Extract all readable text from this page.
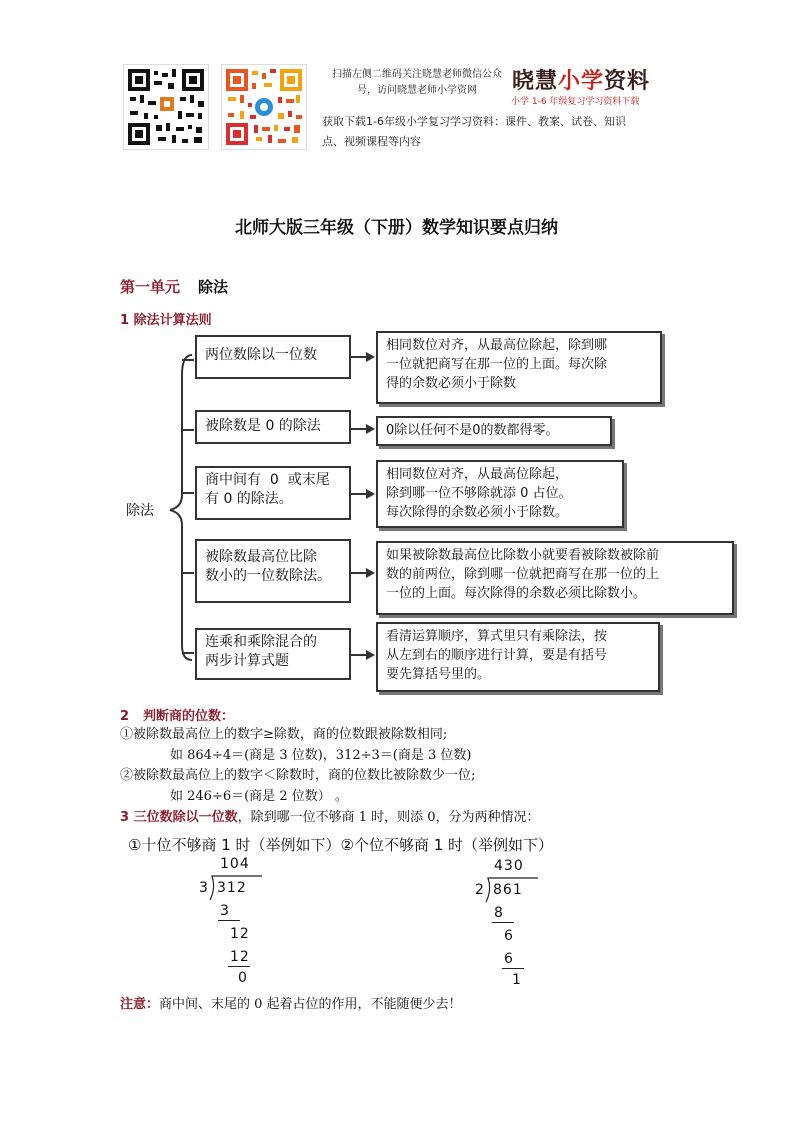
扫描左侧二维码关注晓慧老师微信公众
号，访问晓慧老师小学资网	晓慧小学资料
小学 1-6 年级复习学习资料下载
获取下载1-6年级小学复习学习资料：课件、教案、试卷、知识
点、视频课程等内容
北师大版三年级（下册）数学知识要点归纳
第一单元 除法
1 除法计算法则
除法
两位数除以一位数
相同数位对齐，从最高位除起，除到哪
一位就把商写在那一位的上面。每次除
得的余数必须小于除数
被除数是 0 的除法	0除以任何不是0的数都得零。
商中间有  0  或末尾
有 0 的除法。
相同数位对齐，从最高位除起，
除到哪一位不够除就添 0 占位。
每次除得的余数必须小于除数。
被除数最高位比除
数小的一位数除法。
如果被除数最高位比除数小就要看被除数被除前
数的前两位，除到哪一位就把商写在那一位的上
一位的上面。每次除得的余数必须比除数小。
连乘和乘除混合的
两步计算式题
看清运算顺序，算式里只有乘除法，按
从左到右的顺序进行计算，要是有括号
要先算括号里的。
2 判断商的位数：
①被除数最高位上的数字≥除数，商的位数跟被除数相同;
如 864÷4＝(商是 3 位数)，312÷3＝(商是 3 位数)
②被除数最高位上的数字＜除数时，商的位数比被除数少一位;
如 246÷6＝(商是 2 位数） 。
3 三位数除以一位数，除到哪一位不够商 1 时，则添 0，分为两种情况：
①十位不够商 1 时（举例如下）②个位不够商 1 时（举例如下）
104
3 312
3
12
12
0
430
2 861
8
6
6
1
注意：商中间、末尾的 0 起着占位的作用，不能随便少去！
